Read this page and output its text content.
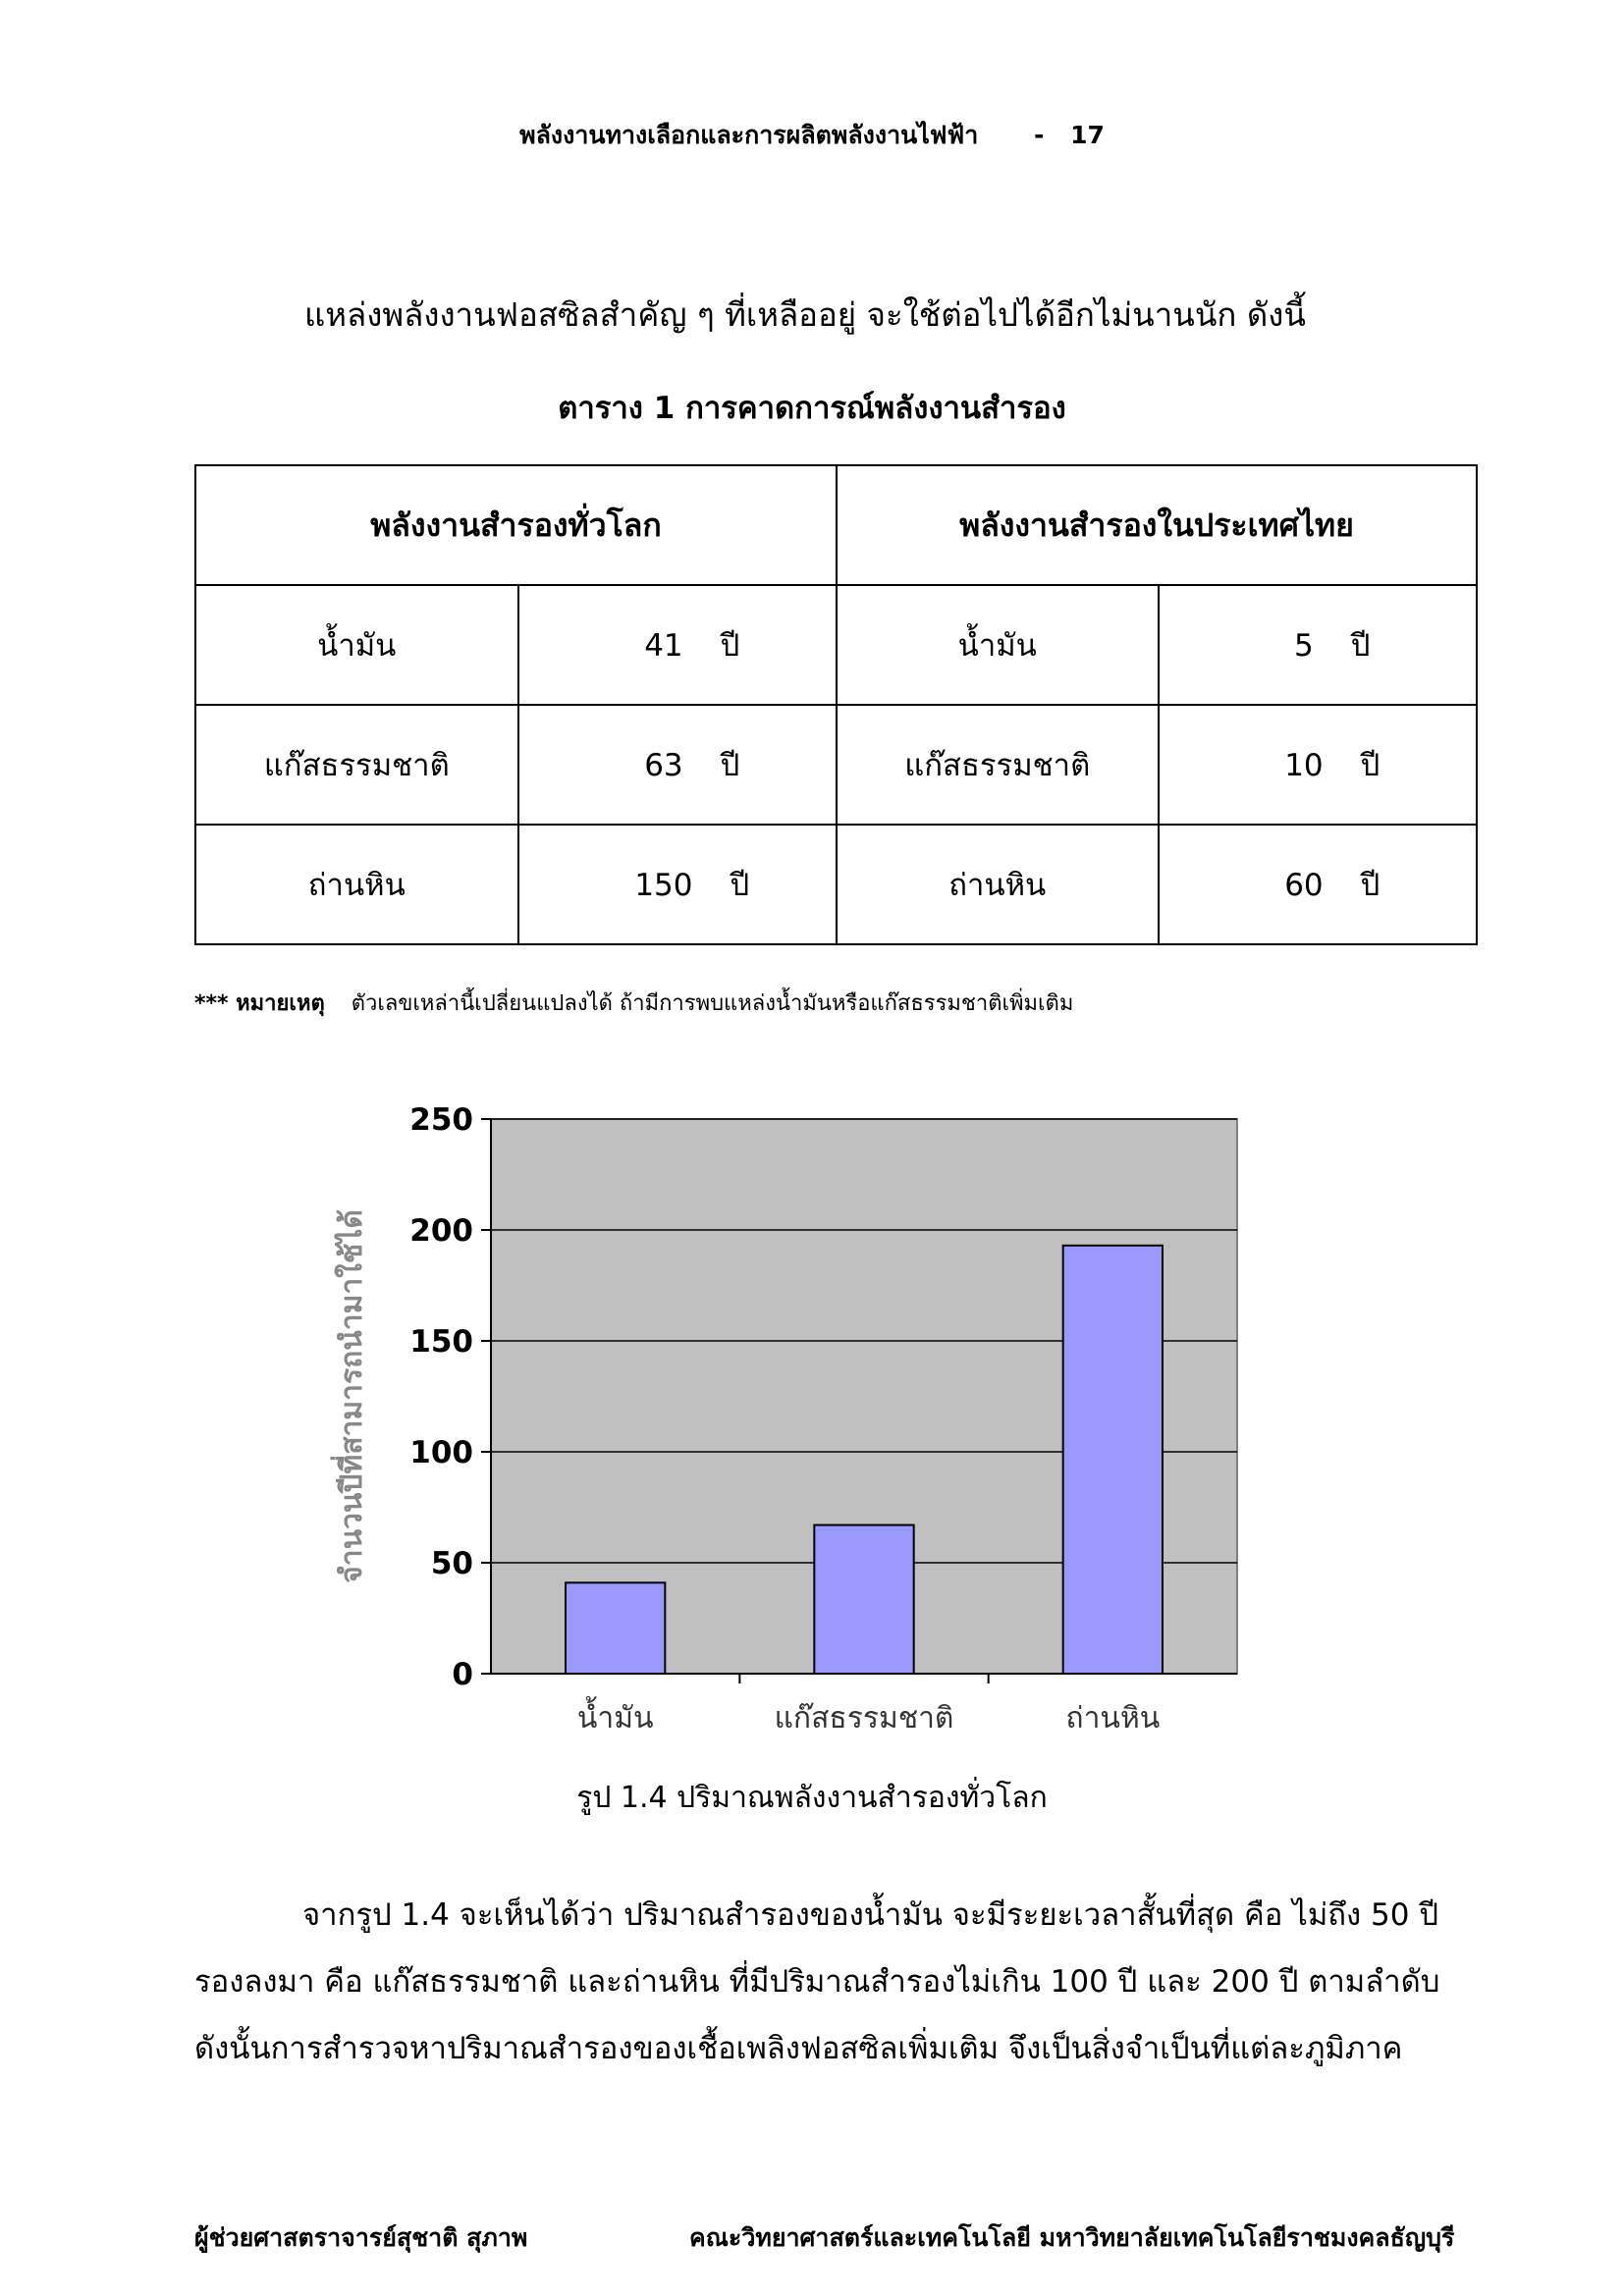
พลังงานทางเลือกและการผลิตพลังงานไฟฟ้า - 17
แหล่งพลังงานฟอสซิลสำคัญ ๆ ที่เหลืออยู่ จะใช้ต่อไปได้อีกไม่นานนัก ดังนี้
ตาราง 1 การคาดการณ์พลังงานสำรอง
พลังงานสำรองทั่วโลก		พลังงานสำรองในประเทศไทย	
น้ำมัน	41 ปี	น้ำมัน	5 ปี
แก๊สธรรมชาติ	63 ปี	แก๊สธรรมชาติ	10 ปี
ถ่านหิน	150 ปี	ถ่านหิน	60 ปี
*** หมายเหตุ ตัวเลขเหล่านี้เปลี่ยนแปลงได้ ถ้ามีการพบแหล่งน้ำมันหรือแก๊สธรรมชาติเพิ่มเติม
0
50
100
150
200
250
น้ำมัน	แก๊สธรรมชาติ	ถ่านหิน
จำนวนปีที่สามารถนำมาใช้ได้
รูป 1.4 ปริมาณพลังงานสำรองทั่วโลก
จากรูป 1.4 จะเห็นได้ว่า ปริมาณสำรองของน้ำมัน จะมีระยะเวลาสั้นที่สุด คือ ไม่ถึง 50 ปี
รองลงมา คือ แก๊สธรรมชาติ และถ่านหิน ที่มีปริมาณสำรองไม่เกิน 100 ปี และ 200 ปี ตามลำดับ
ดังนั้นการสำรวจหาปริมาณสำรองของเชื้อเพลิงฟอสซิลเพิ่มเติม จึงเป็นสิ่งจำเป็นที่แต่ละภูมิภาค
ผู้ช่วยศาสตราจารย์สุชาติ สุภาพ	คณะวิทยาศาสตร์และเทคโนโลยี มหาวิทยาลัยเทคโนโลยีราชมงคลธัญบุรี
